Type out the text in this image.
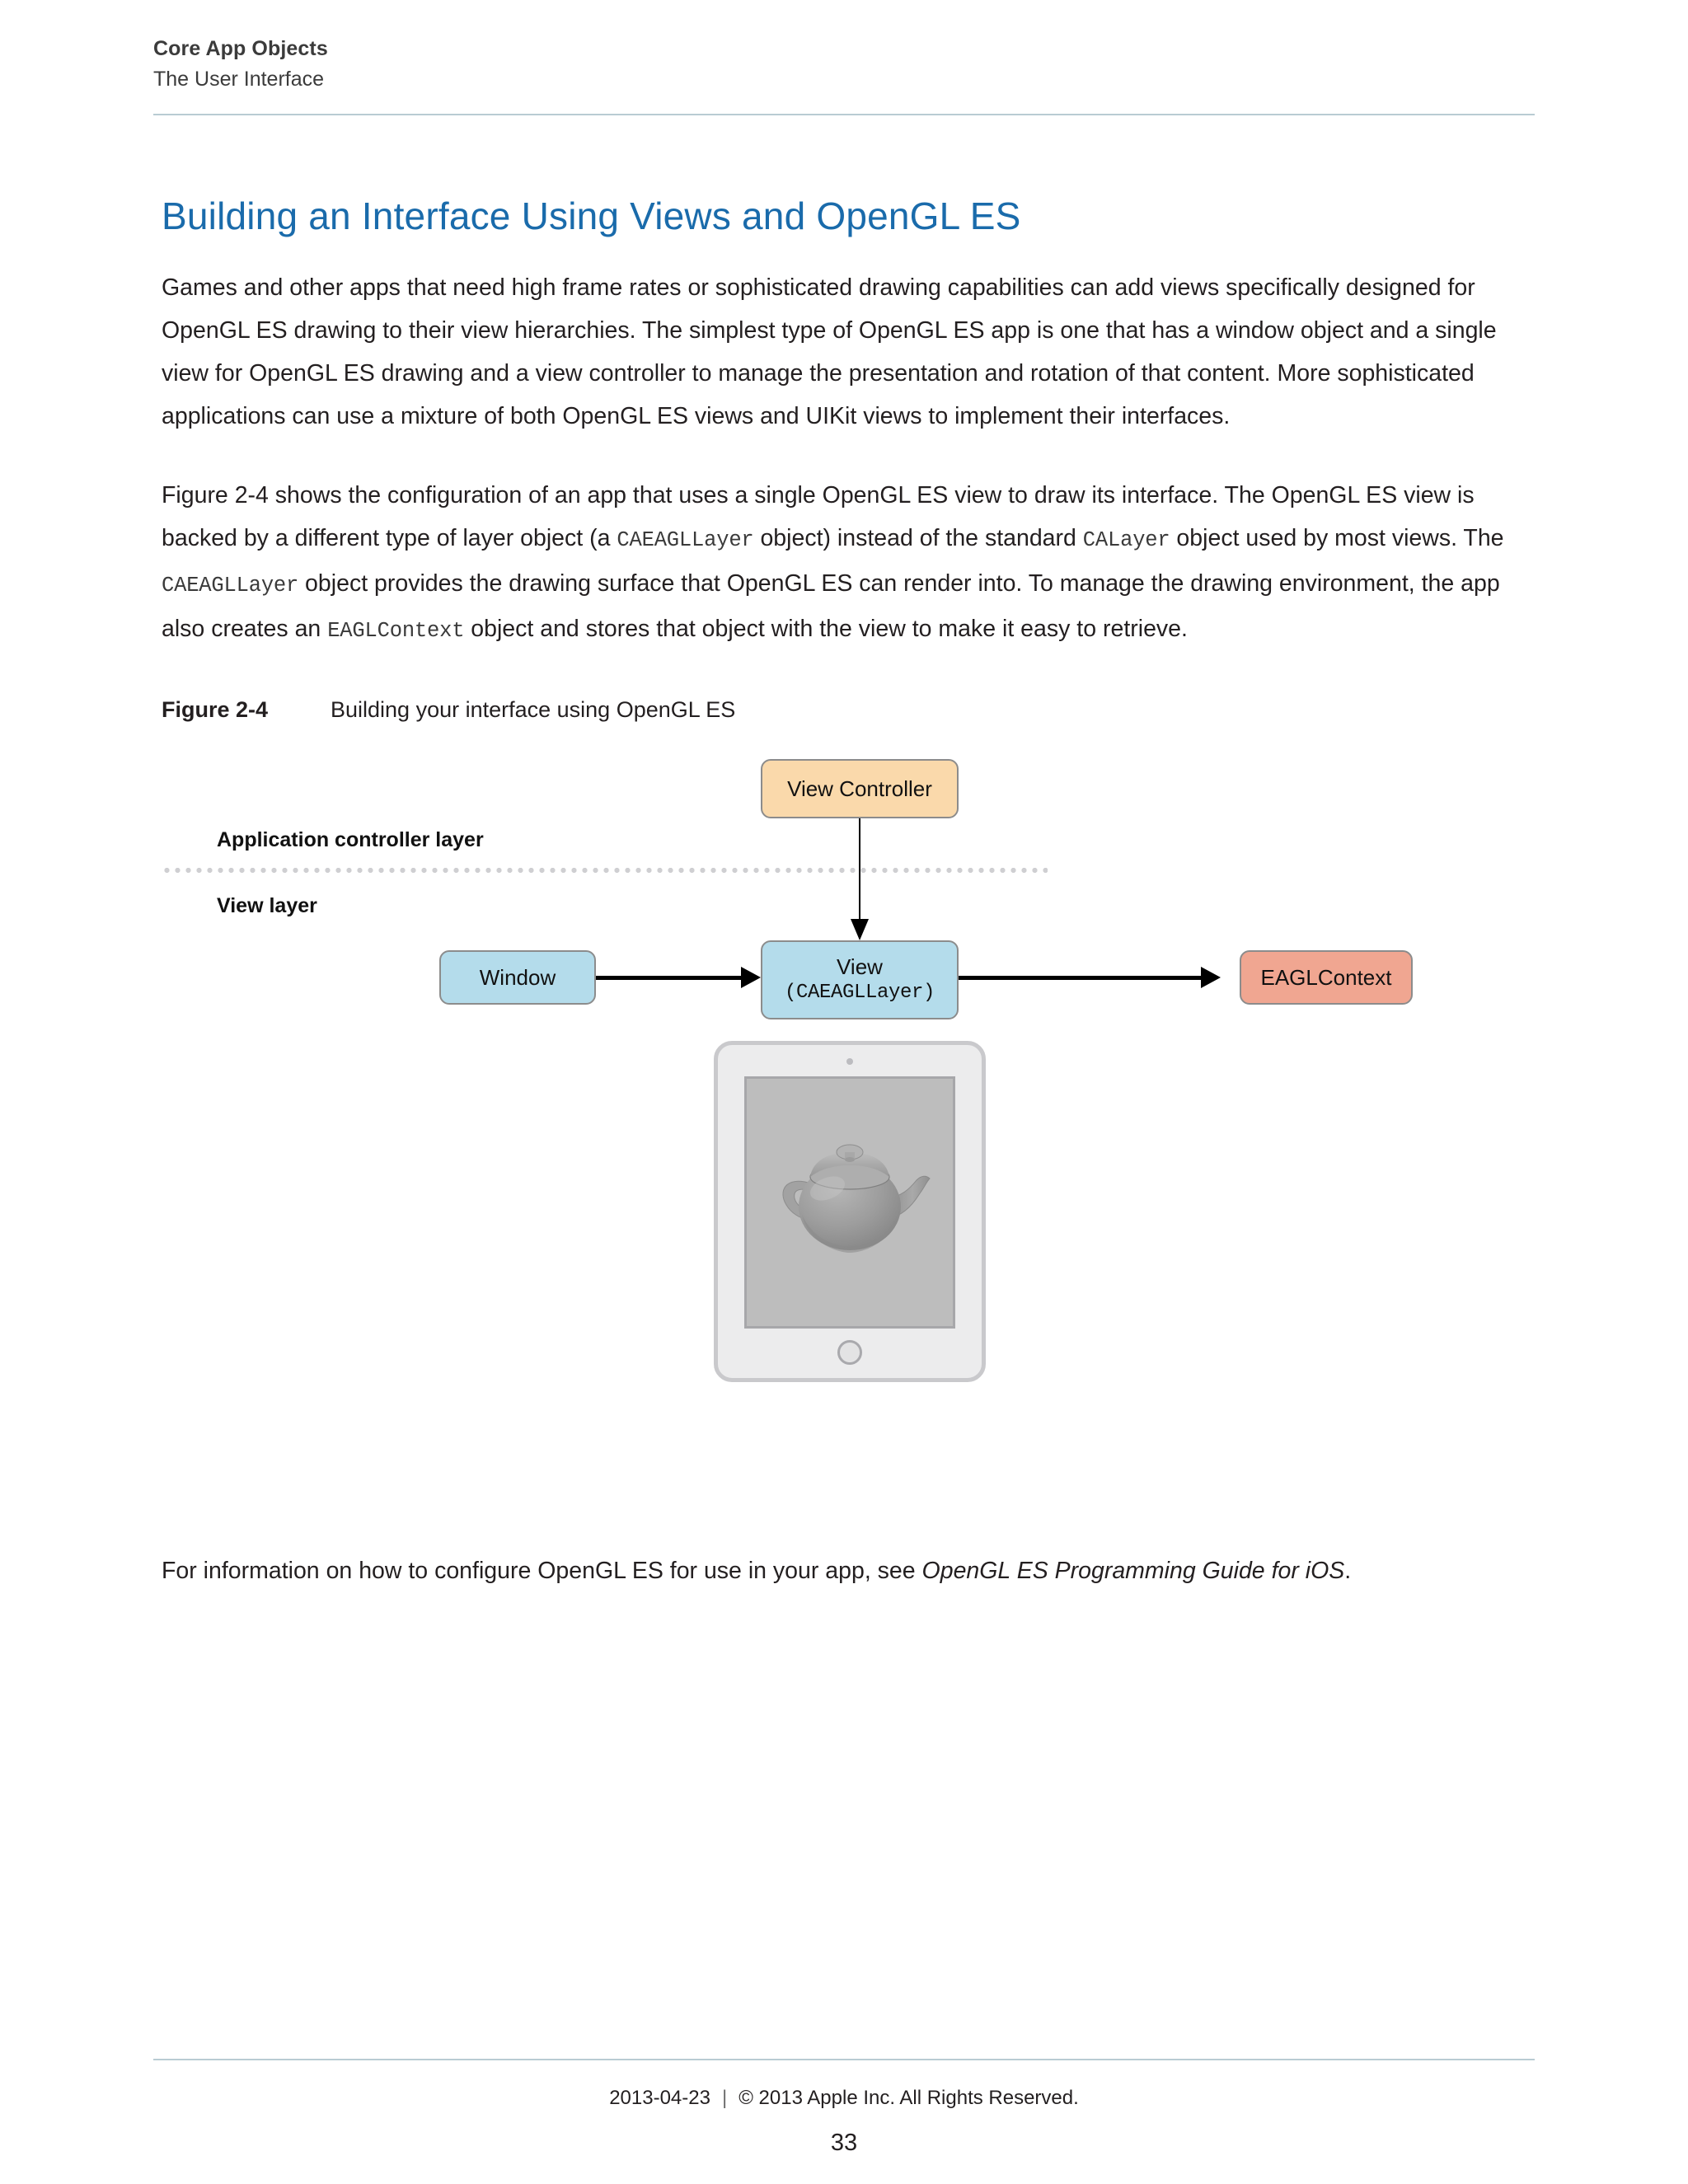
Core App Objects
The User Interface
Building an Interface Using Views and OpenGL ES

Games and other apps that need high frame rates or sophisticated drawing capabilities can add views specifically designed for OpenGL ES drawing to their view hierarchies. The simplest type of OpenGL ES app is one that has a window object and a single view for OpenGL ES drawing and a view controller to manage the presentation and rotation of that content. More sophisticated applications can use a mixture of both OpenGL ES views and UIKit views to implement their interfaces.

Figure 2-4 shows the configuration of an app that uses a single OpenGL ES view to draw its interface. The OpenGL ES view is backed by a different type of layer object (a CAEAGLLayer object) instead of the standard CALayer object used by most views. The CAEAGLLayer object provides the drawing surface that OpenGL ES can render into. To manage the drawing environment, the app also creates an EAGLContext object and stores that object with the view to make it easy to retrieve.

Figure 2-4	Building your interface using OpenGL ES
Application controller layer
View layer
View Controller
Window	View
(CAEAGLLayer)
EAGLContext
For information on how to configure OpenGL ES for use in your app, see OpenGL ES Programming Guide for iOS.
2013-04-23 | © 2013 Apple Inc. All Rights Reserved.
33
